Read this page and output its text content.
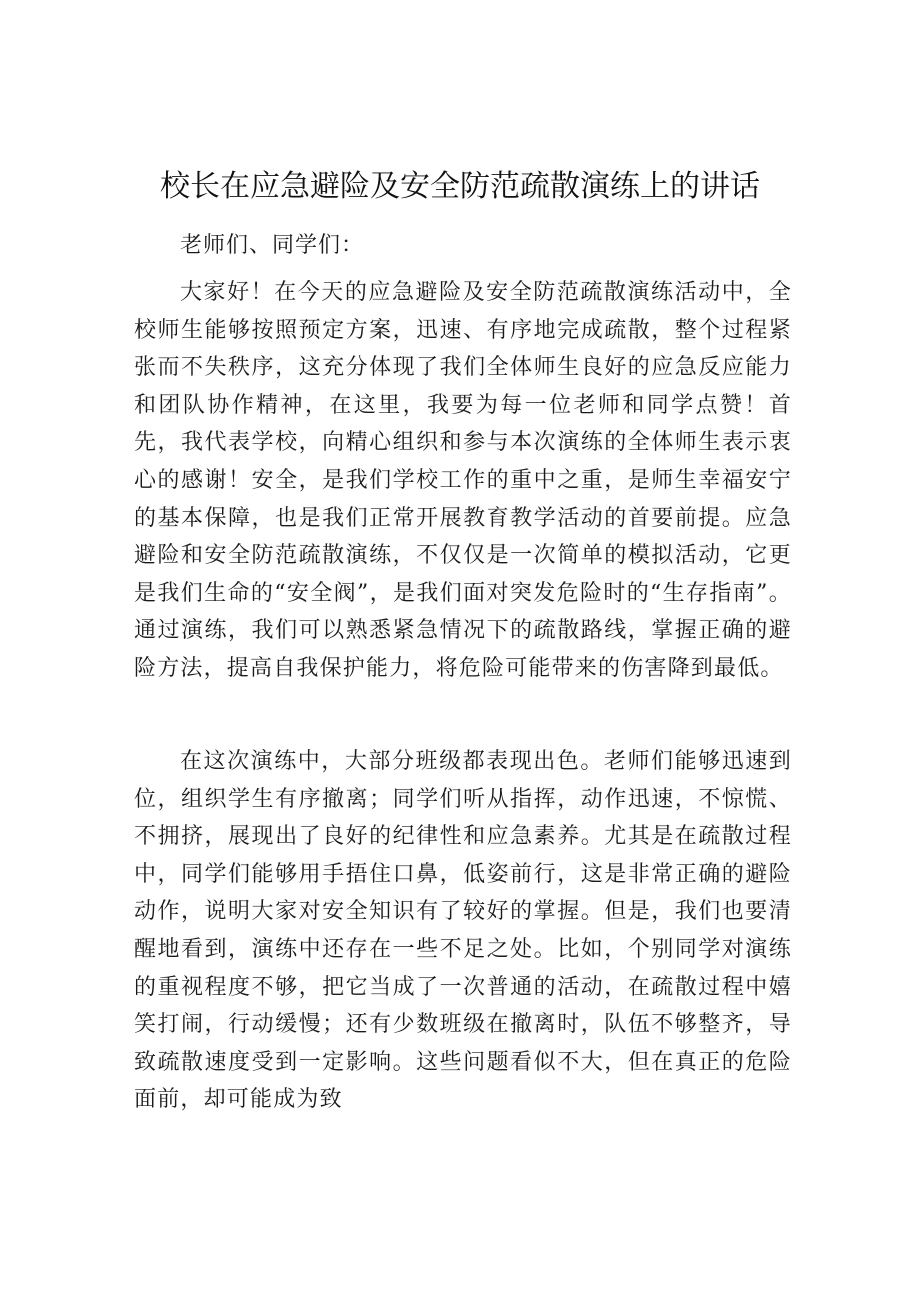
校长在应急避险及安全防范疏散演练上的讲话

老师们、同学们：

大家好！在今天的应急避险及安全防范疏散演练活动中，全校师生能够按照预定方案，迅速、有序地完成疏散，整个过程紧张而不失秩序，这充分体现了我们全体师生良好的应急反应能力和团队协作精神，在这里，我要为每一位老师和同学点赞！首先，我代表学校，向精心组织和参与本次演练的全体师生表示衷心的感谢！安全，是我们学校工作的重中之重，是师生幸福安宁的基本保障，也是我们正常开展教育教学活动的首要前提。应急避险和安全防范疏散演练，不仅仅是一次简单的模拟活动，它更是我们生命的“安全阀”，是我们面对突发危险时的“生存指南”。通过演练，我们可以熟悉紧急情况下的疏散路线，掌握正确的避险方法，提高自我保护能力，将危险可能带来的伤害降到最低。

在这次演练中，大部分班级都表现出色。老师们能够迅速到位，组织学生有序撤离；同学们听从指挥，动作迅速，不惊慌、不拥挤，展现出了良好的纪律性和应急素养。尤其是在疏散过程中，同学们能够用手捂住口鼻，低姿前行，这是非常正确的避险动作，说明大家对安全知识有了较好的掌握。但是，我们也要清醒地看到，演练中还存在一些不足之处。比如，个别同学对演练的重视程度不够，把它当成了一次普通的活动，在疏散过程中嬉笑打闹，行动缓慢；还有少数班级在撤离时，队伍不够整齐，导致疏散速度受到一定影响。这些问题看似不大，但在真正的危险面前，却可能成为致
